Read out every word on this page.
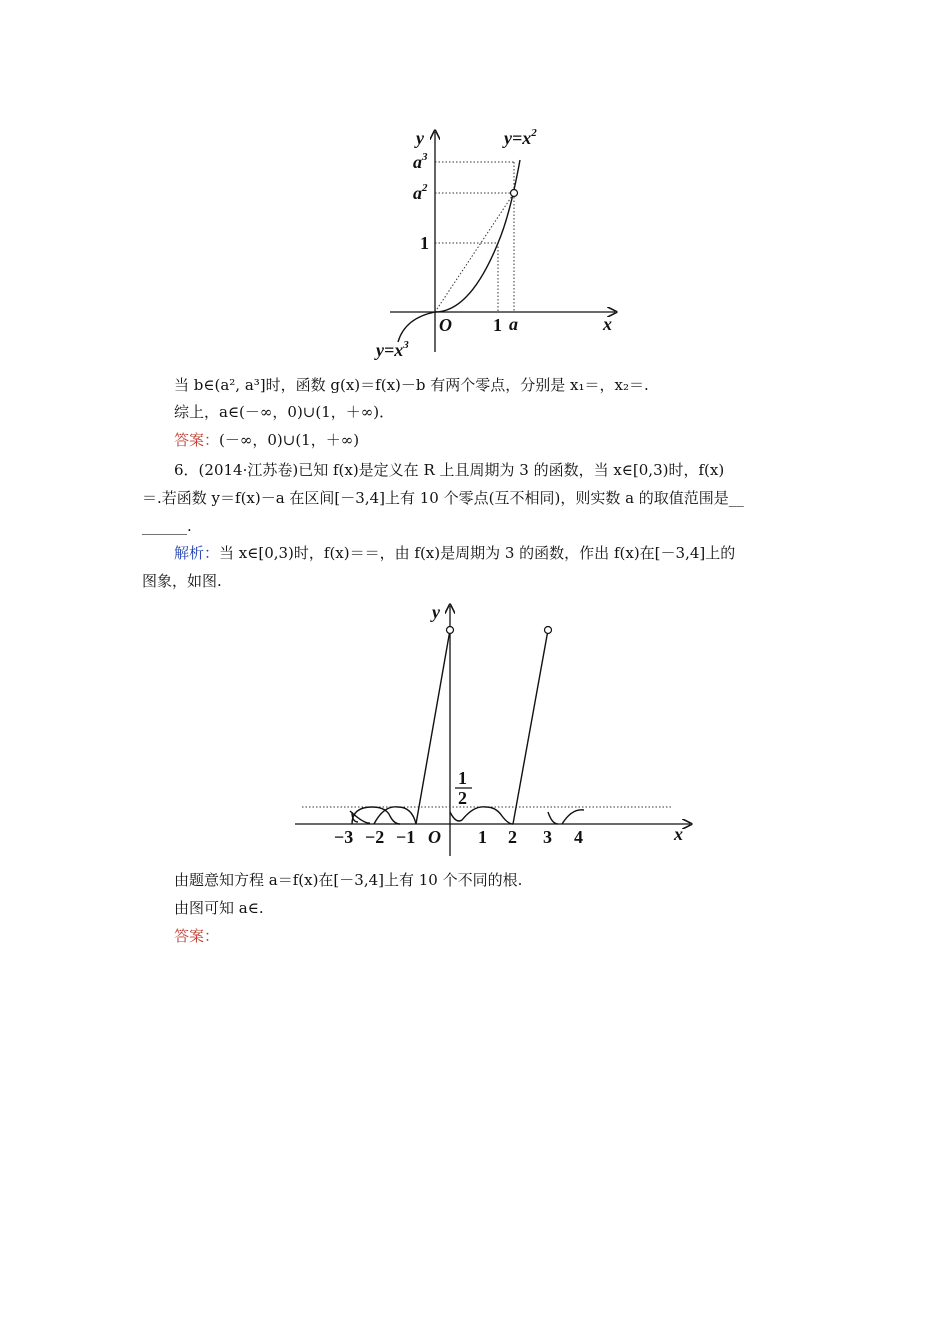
y
x
O
$y=x^2$
$y=x^3$
$a^3$
$a^2$
1
1 a
当 b∈(a², a³]时，函数 g(x)＝f(x)－b 有两个零点，分别是 x₁＝，x₂＝.
综上，a∈(－∞，0)∪(1，＋∞)．
答案：(－∞，0)∪(1，＋∞)
6．(2014·江苏卷)已知 f(x)是定义在 R 上且周期为 3 的函数，当 x∈[0,3)时，f(x)
＝.若函数 y＝f(x)－a 在区间[－3,4]上有 10 个零点(互不相同)，则实数 a 的取值范围是__
______.
解析：当 x∈[0,3)时，f(x)＝＝，由 f(x)是周期为 3 的函数，作出 f(x)在[－3,4]上的
图象，如图.
y
x
O
1
2
−3 −2 −1	1 2 3 4
由题意知方程 a＝f(x)在[－3,4]上有 10 个不同的根.
由图可知 a∈.
答案：
